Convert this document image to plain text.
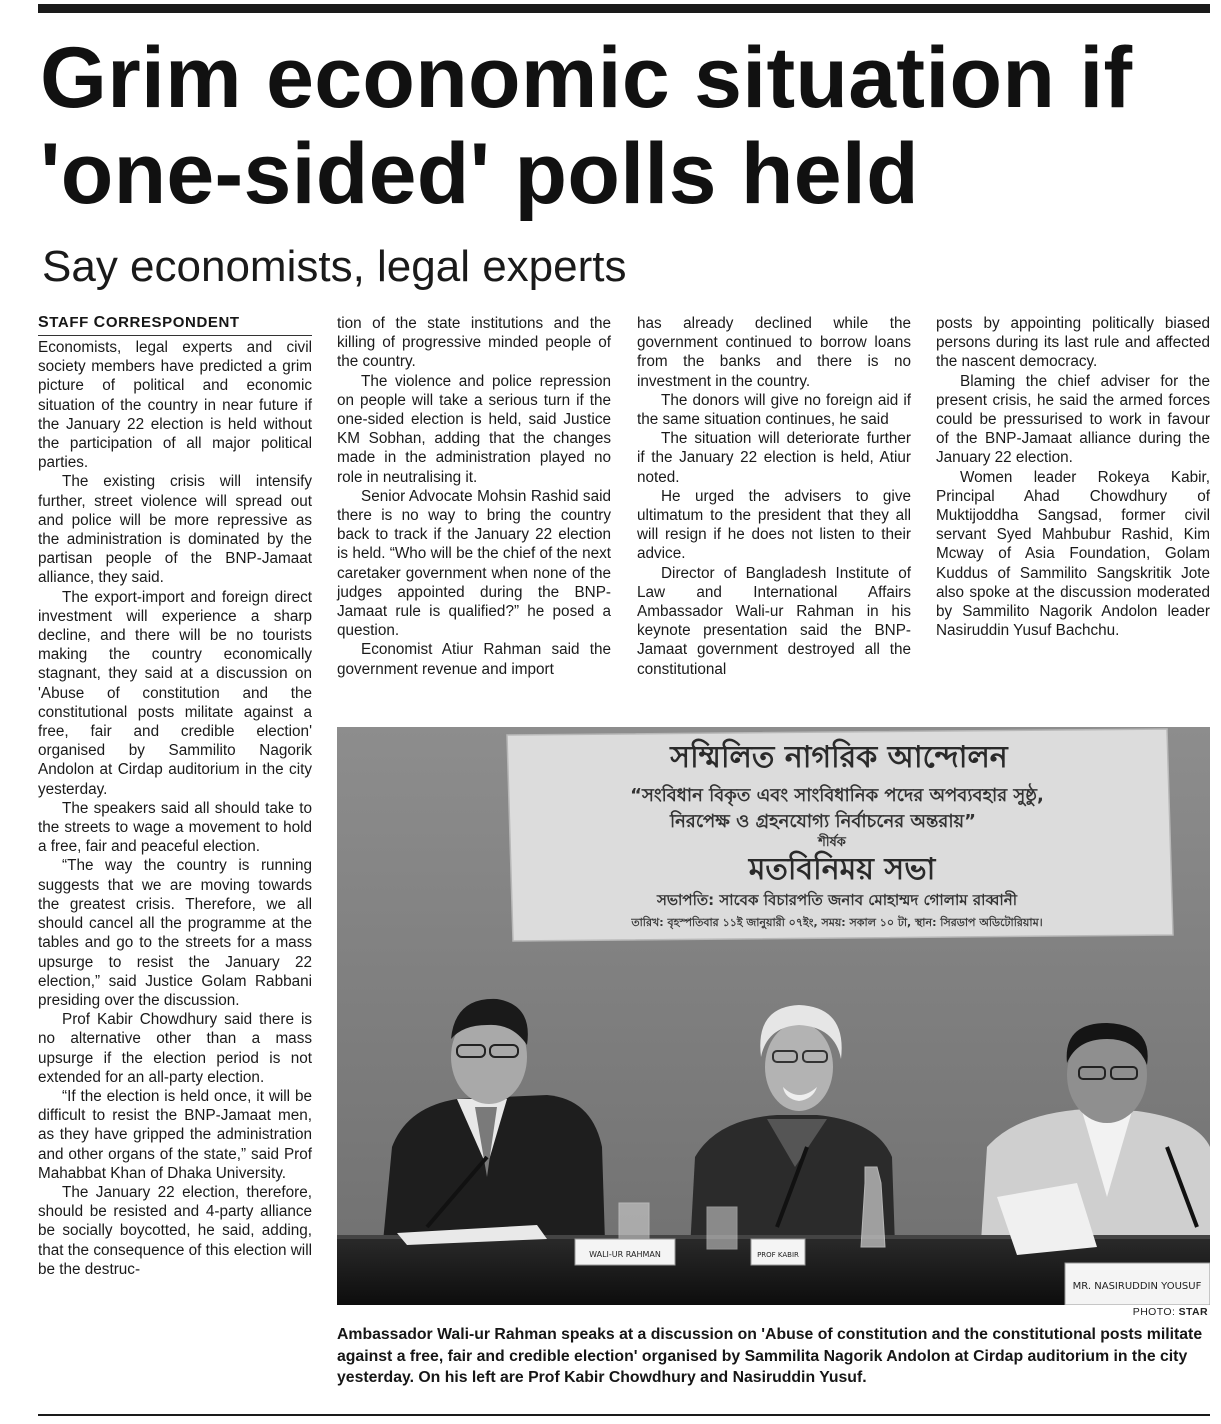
Grim economic situation if 'one-sided' polls held
Say economists, legal experts
STAFF CORRESPONDENT

Economists, legal experts and civil society members have predicted a grim picture of political and economic situation of the country in near future if the January 22 election is held without the participation of all major political parties.

The existing crisis will intensify further, street violence will spread out and police will be more repressive as the administration is dominated by the partisan people of the BNP-Jamaat alliance, they said.

The export-import and foreign direct investment will experience a sharp decline, and there will be no tourists making the country economically stagnant, they said at a discussion on 'Abuse of constitution and the constitutional posts militate against a free, fair and credible election' organised by Sammilito Nagorik Andolon at Cirdap auditorium in the city yesterday.

The speakers said all should take to the streets to wage a movement to hold a free, fair and peaceful election.

“The way the country is running suggests that we are moving towards the greatest crisis. Therefore, we all should cancel all the programme at the tables and go to the streets for a mass upsurge to resist the January 22 election,” said Justice Golam Rabbani presiding over the discussion.

Prof Kabir Chowdhury said there is no alternative other than a mass upsurge if the election period is not extended for an all-party election.

“If the election is held once, it will be difficult to resist the BNP-Jamaat men, as they have gripped the administration and other organs of the state,” said Prof Mahabbat Khan of Dhaka University.

The January 22 election, therefore, should be resisted and 4-party alliance be socially boycotted, he said, adding, that the consequence of this election will be the destruc-

tion of the state institutions and the killing of progressive minded people of the country.

The violence and police repression on people will take a serious turn if the one-sided election is held, said Justice KM Sobhan, adding that the changes made in the administration played no role in neutralising it.

Senior Advocate Mohsin Rashid said there is no way to bring the country back to track if the January 22 election is held. “Who will be the chief of the next caretaker government when none of the judges appointed during the BNP-Jamaat rule is qualified?” he posed a question.

Economist Atiur Rahman said the government revenue and import

has already declined while the government continued to borrow loans from the banks and there is no investment in the country.

The donors will give no foreign aid if the same situation continues, he said

The situation will deteriorate further if the January 22 election is held, Atiur noted.

He urged the advisers to give ultimatum to the president that they all will resign if he does not listen to their advice.

Director of Bangladesh Institute of Law and International Affairs Ambassador Wali-ur Rahman in his keynote presentation said the BNP-Jamaat government destroyed all the constitutional

posts by appointing politically biased persons during its last rule and affected the nascent democracy.

Blaming the chief adviser for the present crisis, he said the armed forces could be pressurised to work in favour of the BNP-Jamaat alliance during the January 22 election.

Women leader Rokeya Kabir, Principal Ahad Chowdhury of Muktijoddha Sangsad, former civil servant Syed Mahbubur Rashid, Kim Mcway of Asia Foundation, Golam Kuddus of Sammilito Sangskritik Jote also spoke at the discussion moderated by Sammilito Nagorik Andolon leader Nasiruddin Yusuf Bachchu.

সম্মিলিত নাগরিক আন্দোলন
“সংবিধান বিকৃত এবং সাংবিধানিক পদের অপব্যবহার সুষ্ঠু,
নিরপেক্ষ ও গ্রহনযোগ্য নির্বাচনের অন্তরায়”
শীর্ষক
মতবিনিময় সভা
সভাপতি: সাবেক বিচারপতি জনাব মোহাম্মদ গোলাম রাব্বানী
তারিখ: বৃহস্পতিবার ১১ই জানুয়ারী ০৭ইং, সময়: সকাল ১০ টা, স্থান: সিরডাপ অডিটোরিয়াম।
WALI-UR RAHMAN	PROF KABIR
MR. NASIRUDDIN YOUSUF
PHOTO: STAR

Ambassador Wali-ur Rahman speaks at a discussion on 'Abuse of constitution and the constitutional posts militate against a free, fair and credible election' organised by Sammilita Nagorik Andolon at Cirdap auditorium in the city yesterday. On his left are Prof Kabir Chowdhury and Nasiruddin Yusuf.
